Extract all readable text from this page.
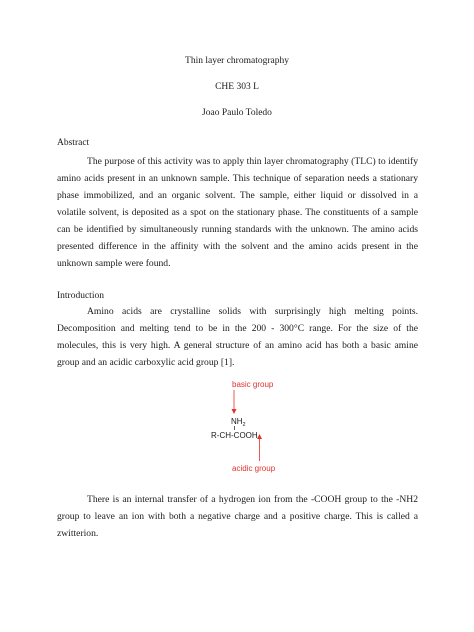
Thin layer chromatography
CHE 303 L
Joao Paulo Toledo
Abstract

The purpose of this activity was to apply thin layer chromatography (TLC) to identify amino acids present in an unknown sample. This technique of separation needs a stationary phase immobilized, and an organic solvent. The sample, either liquid or dissolved in a volatile solvent, is deposited as a spot on the stationary phase. The constituents of a sample can be identified by simultaneously running standards with the unknown. The amino acids presented difference in the affinity with the solvent and the amino acids present in the unknown sample were found.

Introduction

Amino acids are crystalline solids with surprisingly high melting points. Decomposition and melting tend to be in the 200 - 300°C range. For the size of the molecules, this is very high. A general structure of an amino acid has both a basic amine group and an acidic carboxylic acid group [1].

basic group
NH 2
R-CH-COOH
acidic group

There is an internal transfer of a hydrogen ion from the -COOH group to the -NH2 group to leave an ion with both a negative charge and a positive charge. This is called a zwitterion.
